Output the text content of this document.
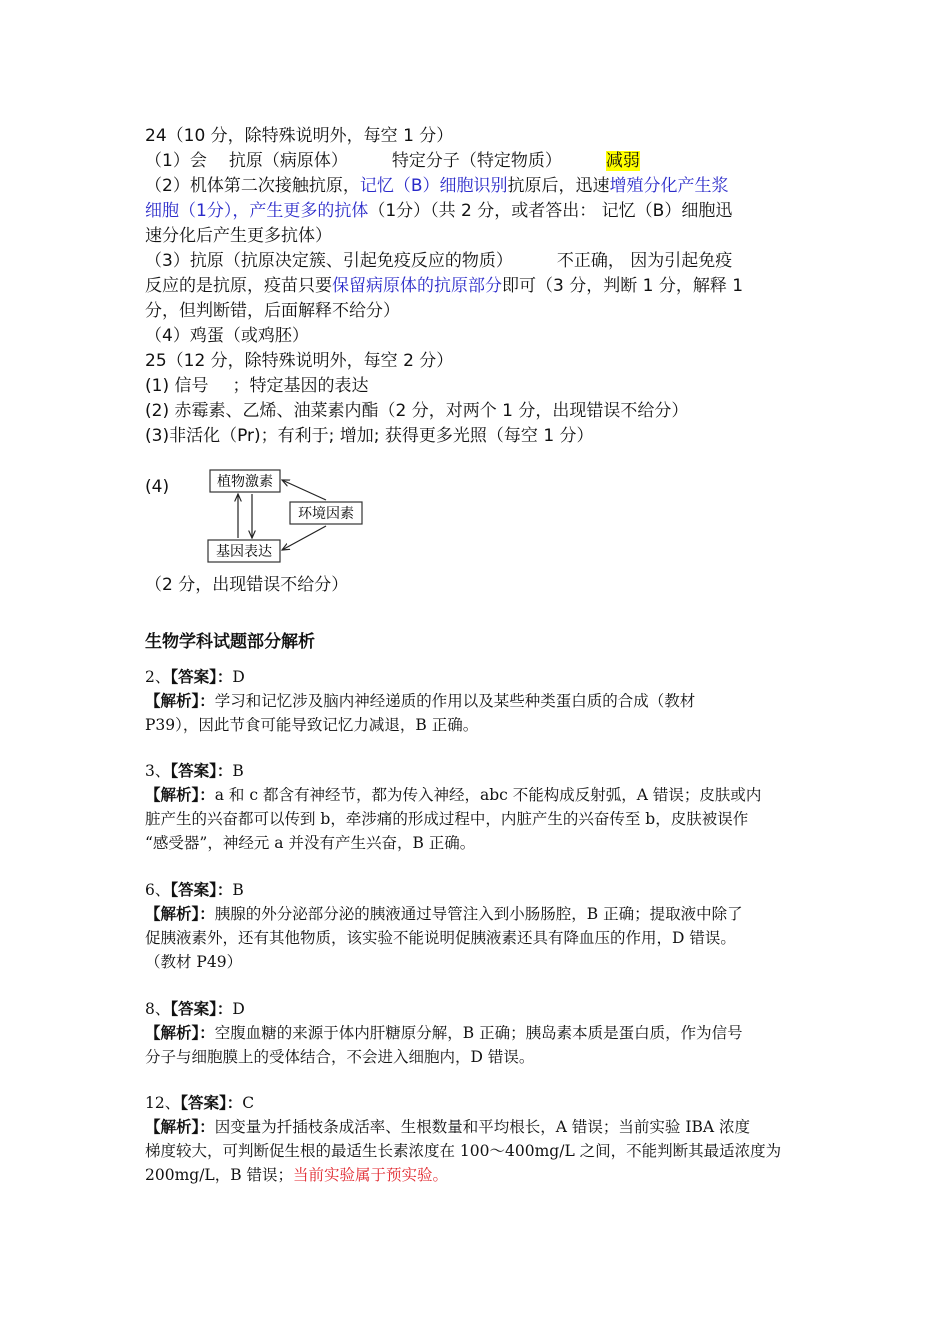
24（10 分，除特殊说明外，每空 1 分）
（1）会 抗原（病原体）	特定分子（特定物质）	减弱
（2）机体第二次接触抗原，记忆（B）细胞识别抗原后，迅速增殖分化产生浆
细胞（1分），产生更多的抗体（1分）（共 2 分，或者答出： 记忆（B）细胞迅
速分化后产生更多抗体）
（3）抗原（抗原决定簇、引起免疫反应的物质）	不正确， 因为引起免疫
反应的是抗原，疫苗只要保留病原体的抗原部分即可（3 分，判断 1 分，解释 1
分，但判断错，后面解释不给分）
（4）鸡蛋（或鸡胚）
25（12 分，除特殊说明外，每空 2 分）
(1) 信号 ；特定基因的表达
(2) 赤霉素、乙烯、油菜素内酯（2 分，对两个 1 分，出现错误不给分）
(3)非活化（Pr)；有利于; 增加; 获得更多光照（每空 1 分）
(4)	植物激素
环境因素
基因表达
（2 分，出现错误不给分）
生物学科试题部分解析
2、【答案】：D
【解析】：学习和记忆涉及脑内神经递质的作用以及某些种类蛋白质的合成（教材
P39），因此节食可能导致记忆力减退，B 正确。
3、【答案】：B
【解析】：a 和 c 都含有神经节，都为传入神经，abc 不能构成反射弧，A 错误；皮肤或内
脏产生的兴奋都可以传到 b，牵涉痛的形成过程中，内脏产生的兴奋传至 b，皮肤被误作
“感受器”，神经元 a 并没有产生兴奋，B 正确。
6、【答案】：B
【解析】：胰腺的外分泌部分泌的胰液通过导管注入到小肠肠腔，B 正确；提取液中除了
促胰液素外，还有其他物质，该实验不能说明促胰液素还具有降血压的作用，D 错误。
（教材 P49）
8、【答案】：D
【解析】：空腹血糖的来源于体内肝糖原分解，B 正确；胰岛素本质是蛋白质，作为信号
分子与细胞膜上的受体结合，不会进入细胞内，D 错误。
12、【答案】：C
【解析】：因变量为扦插枝条成活率、生根数量和平均根长，A 错误；当前实验 IBA 浓度
梯度较大，可判断促生根的最适生长素浓度在 100～400mg/L 之间，不能判断其最适浓度为
200mg/L，B 错误；当前实验属于预实验。
